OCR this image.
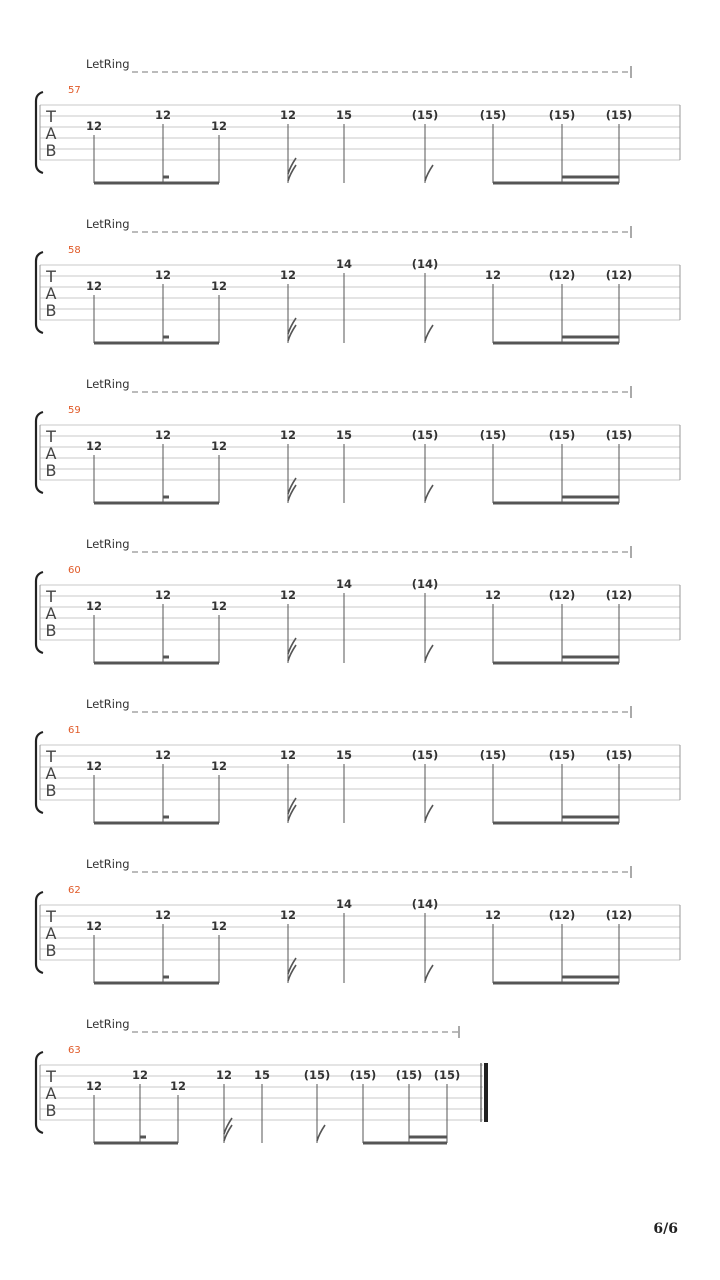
LetRing
57
T
A
B
12
12
12
12	15	(15)	(15)	(15)	(15)
LetRing
58
T
A
B
12
12
12
12
14	(14)
12	(12)	(12)
LetRing
59
T
A
B
12
12
12
12	15	(15)	(15)	(15)	(15)
LetRing
60
T
A
B
12
12
12
12
14	(14)
12	(12)	(12)
LetRing
61
T
A
B
12
12
12
12	15	(15)	(15)	(15)	(15)
LetRing
62
T
A
B
12
12
12
12
14	(14)
12	(12)	(12)
LetRing
63
T
A
B
12
12
12
12 15	(15) (15) (15) (15)
6/6
